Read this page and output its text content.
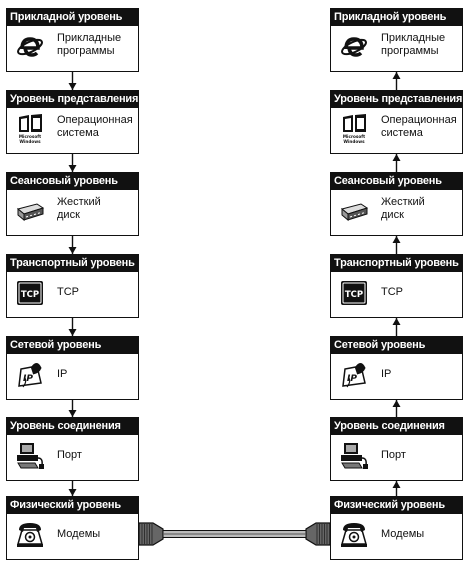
Прикладной уровень
Прикладные
программы
Уровень представления
Microsoft
Windows
Операционная
система
Сеансовый уровень
Жесткий
диск
Транспортный уровень
TCP TCP
Сетевой уровень
IP IP
Уровень соединения
Порт
Физический уровень
Модемы
Прикладной уровень
Прикладные
программы
Уровень представления
Microsoft
Windows
Операционная
система
Сеансовый уровень
Жесткий
диск
Транспортный уровень
TCP TCP
Сетевой уровень
IP IP
Уровень соединения
Порт
Физический уровень
Модемы
